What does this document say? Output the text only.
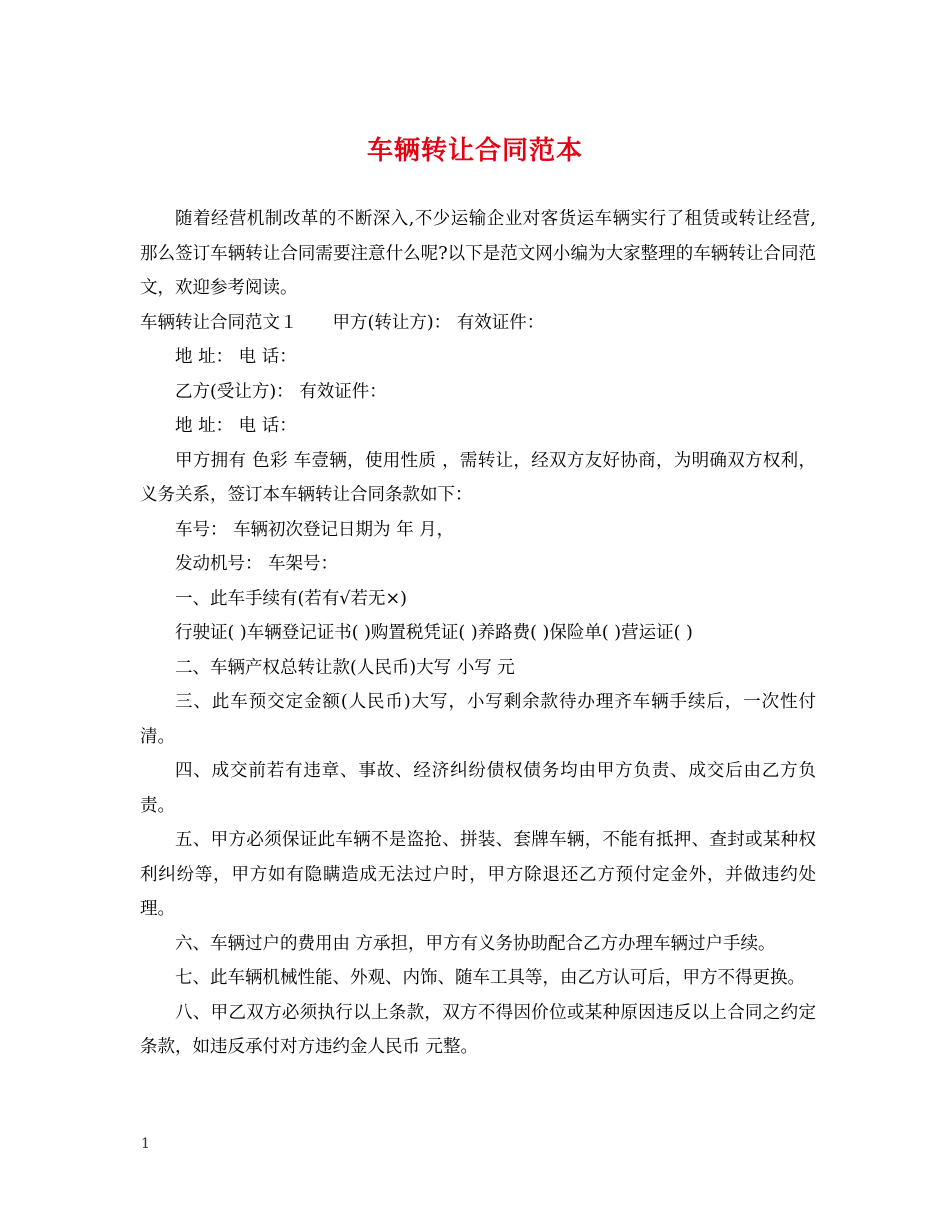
车辆转让合同范本

随着经营机制改革的不断深入,不少运输企业对客货运车辆实行了租赁或转让经营,那么签订车辆转让合同需要注意什么呢?以下是范文网小编为大家整理的车辆转让合同范文，欢迎参考阅读。

车辆转让合同范文１　　甲方(转让方)： 有效证件：

地 址： 电 话：

乙方(受让方)： 有效证件：

地 址： 电 话：

甲方拥有 色彩 车壹辆，使用性质 ，需转让，经双方友好协商，为明确双方权利，义务关系，签订本车辆转让合同条款如下：

车号： 车辆初次登记日期为 年 月，

发动机号： 车架号：

一、此车手续有(若有√若无×)

行驶证( )车辆登记证书( )购置税凭证( )养路费( )保险单( )营运证( )

二、车辆产权总转让款(人民币)大写 小写 元

三、此车预交定金额(人民币)大写，小写剩余款待办理齐车辆手续后，一次性付清。

四、成交前若有违章、事故、经济纠纷债权债务均由甲方负责、成交后由乙方负责。

五、甲方必须保证此车辆不是盗抢、拼装、套牌车辆，不能有抵押、查封或某种权利纠纷等，甲方如有隐瞒造成无法过户时，甲方除退还乙方预付定金外，并做违约处理。

六、车辆过户的费用由 方承担，甲方有义务协助配合乙方办理车辆过户手续。

七、此车辆机械性能、外观、内饰、随车工具等，由乙方认可后，甲方不得更换。

八、甲乙双方必须执行以上条款，双方不得因价位或某种原因违反以上合同之约定条款，如违反承付对方违约金人民币 元整。

1
